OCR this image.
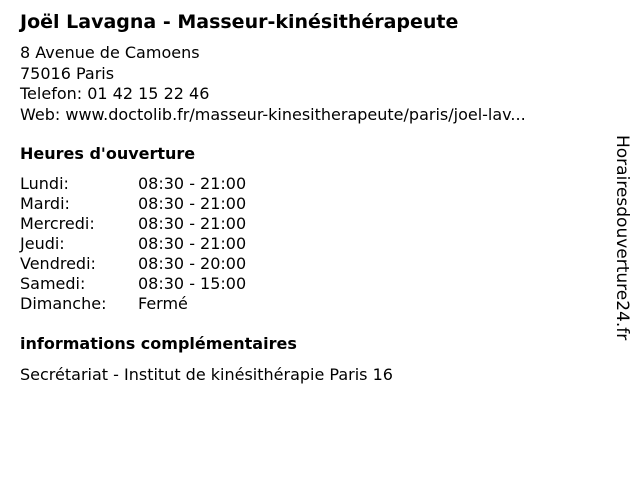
Joël Lavagna - Masseur-kinésithérapeute
8 Avenue de Camoens
75016 Paris
Telefon: 01 42 15 22 46
Web: www.doctolib.fr/masseur-kinesitherapeute/paris/joel-lav...
Heures d'ouverture
Lundi:	08:30 - 21:00
Mardi:	08:30 - 21:00
Mercredi:	08:30 - 21:00
Jeudi:	08:30 - 21:00
Vendredi:	08:30 - 20:00
Samedi:	08:30 - 15:00
Dimanche: Fermé
informations complémentaires
Secrétariat - Institut de kinésithérapie Paris 16
Horairesdouverture24.fr
